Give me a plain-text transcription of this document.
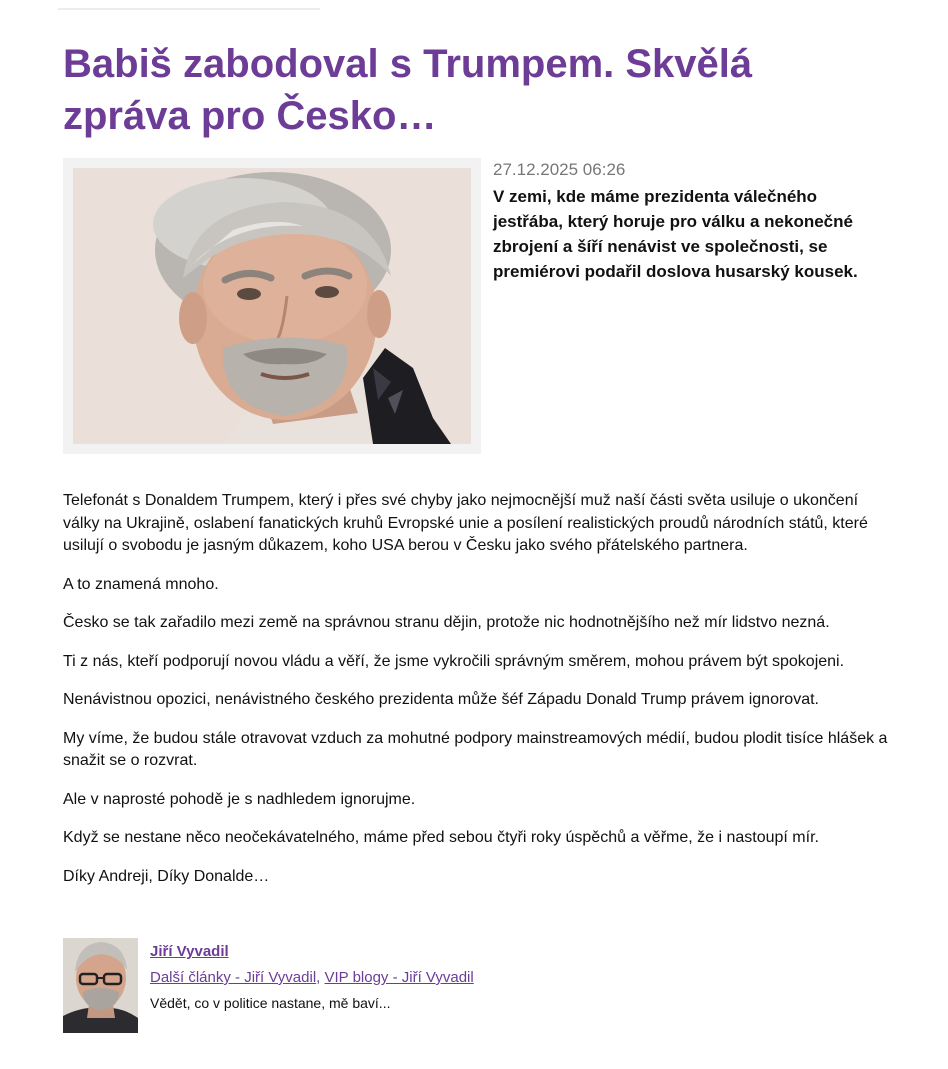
Babiš zabodoval s Trumpem. Skvělá zpráva pro Česko…
27.12.2025 06:26
V zemi, kde máme prezidenta válečného jestřába, který horuje pro válku a nekonečné zbrojení a šíří nenávist ve společnosti, se premiérovi podařil doslova husarský kousek.

Telefonát s Donaldem Trumpem, který i přes své chyby jako nejmocnější muž naší části světa usiluje o ukončení války na Ukrajině, oslabení fanatických kruhů Evropské unie a posílení realistických proudů národních států, které usilují o svobodu je jasným důkazem, koho USA berou v Česku jako svého přátelského partnera.

A to znamená mnoho.

Česko se tak zařadilo mezi země na správnou stranu dějin, protože nic hodnotnějšího než mír lidstvo nezná.

Ti z nás, kteří podporují novou vládu a věří, že jsme vykročili správným směrem, mohou právem být spokojeni.

Nenávistnou opozici, nenávistného českého prezidenta může šéf Západu Donald Trump právem ignorovat.

My víme, že budou stále otravovat vzduch za mohutné podpory mainstreamových médií, budou plodit tisíce hlášek a snažit se o rozvrat.

Ale v naprosté pohodě je s nadhledem ignorujme.

Když se nestane něco neočekávatelného, máme před sebou čtyři roky úspěchů a věřme, že i nastoupí mír.

Díky Andreji, Díky Donalde…

Jiří Vyvadil
Další články - Jiří Vyvadil, VIP blogy - Jiří Vyvadil
Vědět, co v politice nastane, mě baví...
